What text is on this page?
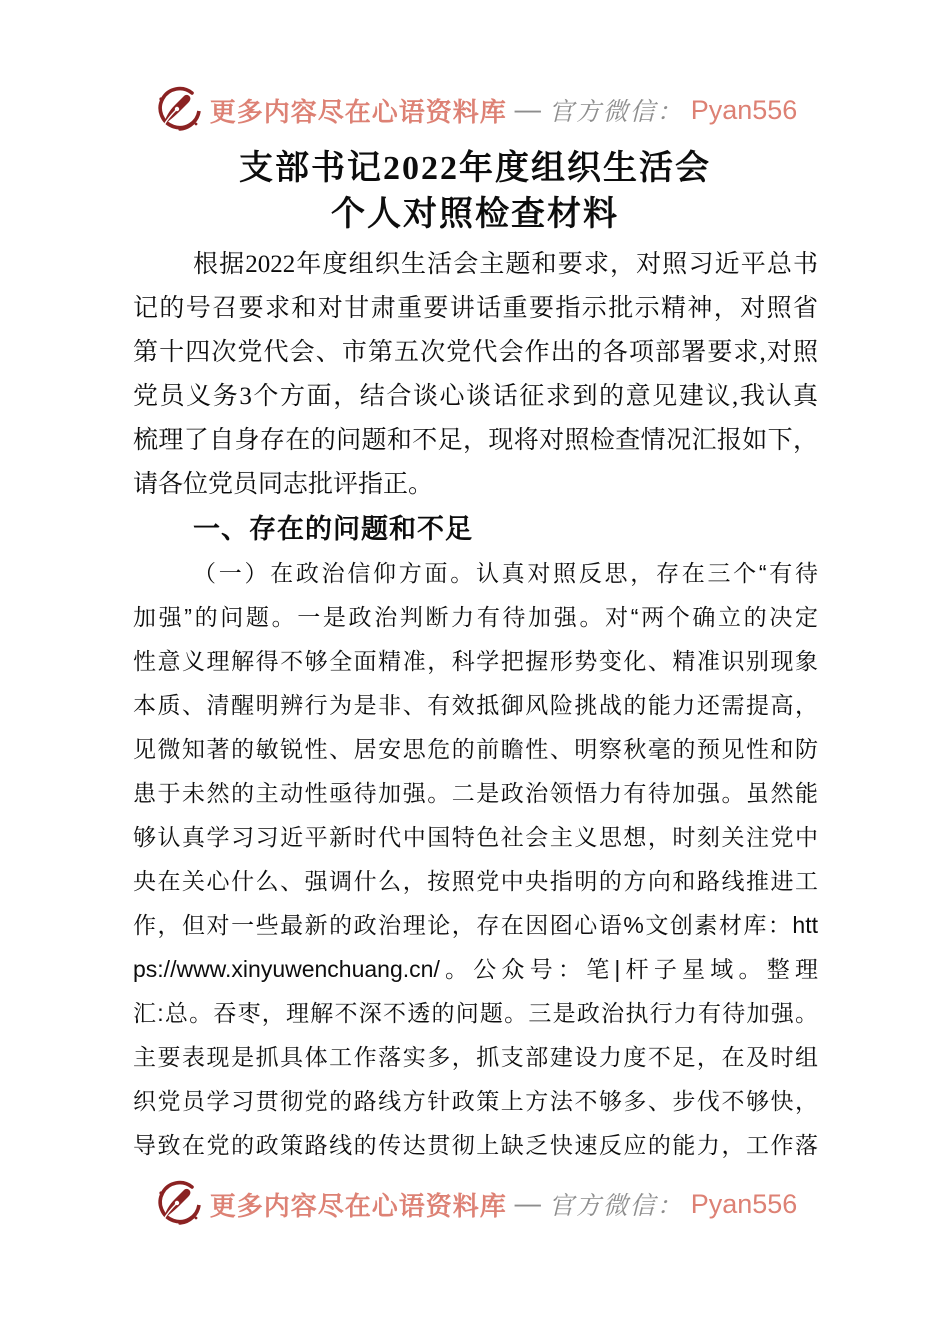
更多内容尽在心语资料库 — 官方微信： Pyan556
支部书记2022年度组织生活会
个人对照检查材料
根据2022年度组织生活会主题和要求，对照习近平总书
记的号召要求和对甘肃重要讲话重要指示批示精神，对照省
第十四次党代会、市第五次党代会作出的各项部署要求,对照
党员义务3个方面，结合谈心谈话征求到的意见建议,我认真
梳理了自身存在的问题和不足，现将对照检查情况汇报如下，
请各位党员同志批评指正。
一、存在的问题和不足
（一）在政治信仰方面。认真对照反思，存在三个“有待
加强”的问题。一是政治判断力有待加强。对“两个确立的决定
性意义理解得不够全面精准，科学把握形势变化、精准识别现象
本质、清醒明辨行为是非、有效抵御风险挑战的能力还需提高，
见微知著的敏锐性、居安思危的前瞻性、明察秋毫的预见性和防
患于未然的主动性亟待加强。二是政治领悟力有待加强。虽然能
够认真学习习近平新时代中国特色社会主义思想，时刻关注党中
央在关心什么、强调什么，按照党中央指明的方向和路线推进工
作，但对一些最新的政治理论，存在因囵心语%文创素材库：htt
ps://www.xinyuwenchuang.cn/。公众号：笔|杆子星域。整理
汇:总。吞枣，理解不深不透的问题。三是政治执行力有待加强。
主要表现是抓具体工作落实多，抓支部建设力度不足，在及时组
织党员学习贯彻党的路线方针政策上方法不够多、步伐不够快，
导致在党的政策路线的传达贯彻上缺乏快速反应的能力，工作落
更多内容尽在心语资料库 — 官方微信： Pyan556
